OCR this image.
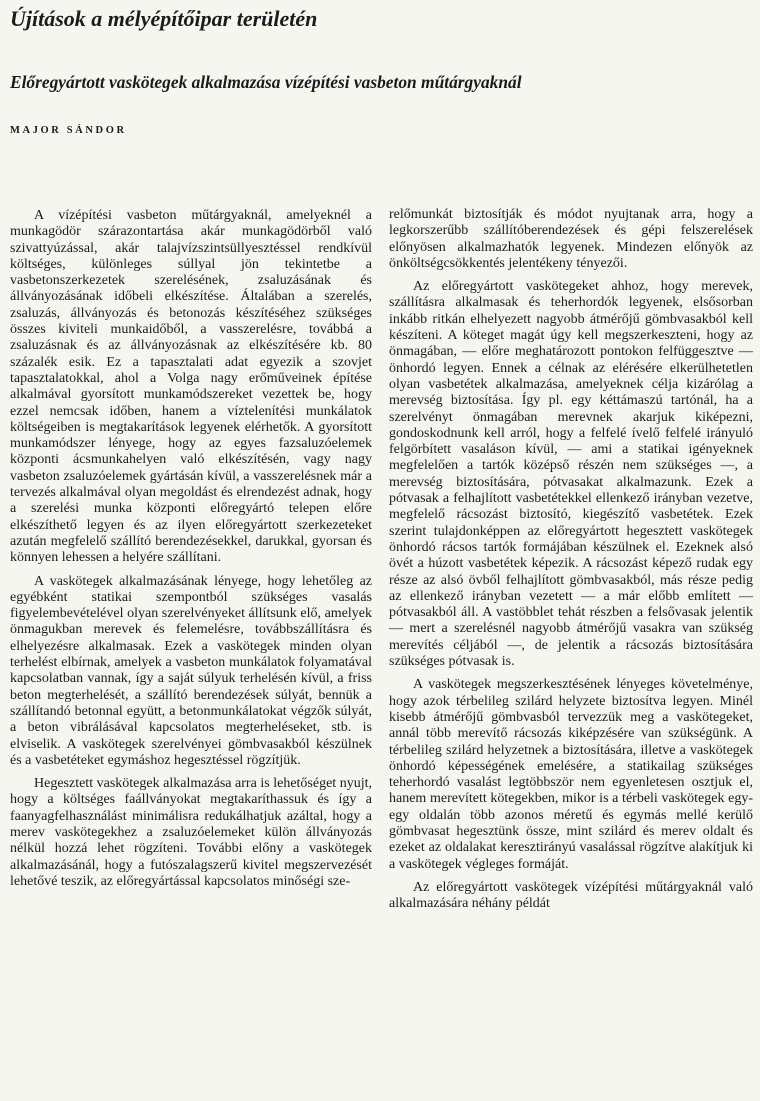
Újítások a mélyépítőipar területén
Előregyártott vaskötegek alkalmazása vízépítési vasbeton műtárgyaknál
MAJOR SÁNDOR

A vízépítési vasbeton műtárgyaknál, amelyeknél a munkagödör szárazontartása akár munkagödörből való szivattyúzással, akár talajvízszintsüllyesztéssel rendkívül költséges, különleges súllyal jön tekintetbe a vasbetonszerkezetek szerelésének, zsaluzásának és állványozásának időbeli elkészítése. Általában a szerelés, zsaluzás, állványozás és betonozás készítéséhez szükséges összes kiviteli munkaidőből, a vasszerelésre, továbbá a zsaluzásnak és az állványozásnak az elkészítésére kb. 80 százalék esik. Ez a tapasztalati adat egyezik a szovjet tapasztalatokkal, ahol a Volga nagy erőműveinek építése alkalmával gyorsított munkamódszereket vezettek be, hogy ezzel nemcsak időben, hanem a víztelenítési munkálatok költségeiben is megtakarítások legyenek elérhetők. A gyorsított munkamódszer lényege, hogy az egyes fazsaluzóelemek központi ácsmunkahelyen való elkészítésén, vagy nagy vasbeton zsaluzóelemek gyártásán kívül, a vasszerelésnek már a tervezés alkalmával olyan megoldást és elrendezést adnak, hogy a szerelési munka központi előregyártó telepen előre elkészíthető legyen és az ilyen előregyártott szerkezeteket azután megfelelő szállító berendezésekkel, darukkal, gyorsan és könnyen lehessen a helyére szállítani.

A vaskötegek alkalmazásának lényege, hogy lehetőleg az egyébként statikai szempontból szükséges vasalás figyelembevételével olyan szerelvényeket állítsunk elő, amelyek önmagukban merevek és felemelésre, továbbszállításra és elhelyezésre alkalmasak. Ezek a vaskötegek minden olyan terhelést elbírnak, amelyek a vasbeton munkálatok folyamatával kapcsolatban vannak, így a saját súlyuk terhelésén kívül, a friss beton megterhelését, a szállító berendezések súlyát, bennük a szállítandó betonnal együtt, a betonmunkálatokat végzők súlyát, a beton vibrálásával kapcsolatos megterheléseket, stb. is elviselik. A vaskötegek szerelvényei gömbvasakból készülnek és a vasbetéteket egymáshoz hegesztéssel rögzítjük.

Hegesztett vaskötegek alkalmazása arra is lehetőséget nyujt, hogy a költséges faállványokat megtakaríthassuk és így a faanyagfelhasználást minimálisra redukálhatjuk azáltal, hogy a merev vaskötegekhez a zsaluzóelemeket külön állványozás nélkül hozzá lehet rögzíteni. További előny a vaskötegek alkalmazásánál, hogy a futószalagszerű kivitel megszervezését lehetővé teszik, az előregyártással kapcsolatos minőségi sze-

relőmunkát biztosítják és módot nyujtanak arra, hogy a legkorszerűbb szállítóberendezések és gépi felszerelések előnyösen alkalmazhatók legyenek. Mindezen előnyök az önköltségcsökkentés jelentékeny tényezői.

Az előregyártott vaskötegeket ahhoz, hogy merevek, szállításra alkalmasak és teherhordók legyenek, elsősorban inkább ritkán elhelyezett nagyobb átmérőjű gömbvasakból kell készíteni. A köteget magát úgy kell megszerkeszteni, hogy az önmagában, — előre meghatározott pontokon felfüggesztve — önhordó legyen. Ennek a célnak az elérésére elkerülhetetlen olyan vasbetétek alkalmazása, amelyeknek célja kizárólag a merevség biztosítása. Így pl. egy kéttámaszú tartónál, ha a szerelvényt önmagában merevnek akarjuk kiképezni, gondoskodnunk kell arról, hogy a felfelé ívelő felfelé irányuló felgörbített vasaláson kívül, — ami a statikai igényeknek megfelelően a tartók középső részén nem szükséges —, a merevség biztosítására, pótvasakat alkalmazunk. Ezek a pótvasak a felhajlított vasbetétekkel ellenkező irányban vezetve, megfelelő rácsozást biztosító, kiegészítő vasbetétek. Ezek szerint tulajdonképpen az előregyártott hegesztett vaskötegek önhordó rácsos tartók formájában készülnek el. Ezeknek alsó övét a húzott vasbetétek képezik. A rácsozást képező rudak egy része az alsó övből felhajlított gömbvasakból, más része pedig az ellenkező irányban vezetett — a már előbb említett — pótvasakból áll. A vastöbblet tehát részben a felsővasak jelentik — mert a szerelésnél nagyobb átmérőjű vasakra van szükség merevítés céljából —, de jelentik a rácsozás biztosítására szükséges pótvasak is.

A vaskötegek megszerkesztésének lényeges követelménye, hogy azok térbelileg szilárd helyzete biztosítva legyen. Minél kisebb átmérőjű gömbvasból tervezzük meg a vaskötegeket, annál több merevítő rácsozás kiképzésére van szükségünk. A térbelileg szilárd helyzetnek a biztosítására, illetve a vaskötegek önhordó képességének emelésére, a statikailag szükséges teherhordó vasalást legtöbbször nem egyenletesen osztjuk el, hanem merevített kötegekben, mikor is a térbeli vaskötegek egy-egy oldalán több azonos méretű és egymás mellé kerülő gömbvasat hegesztünk össze, mint szilárd és merev oldalt és ezeket az oldalakat keresztirányú vasalással rögzítve alakítjuk ki a vaskötegek végleges formáját.

Az előregyártott vaskötegek vízépítési műtárgyaknál való alkalmazására néhány példát
